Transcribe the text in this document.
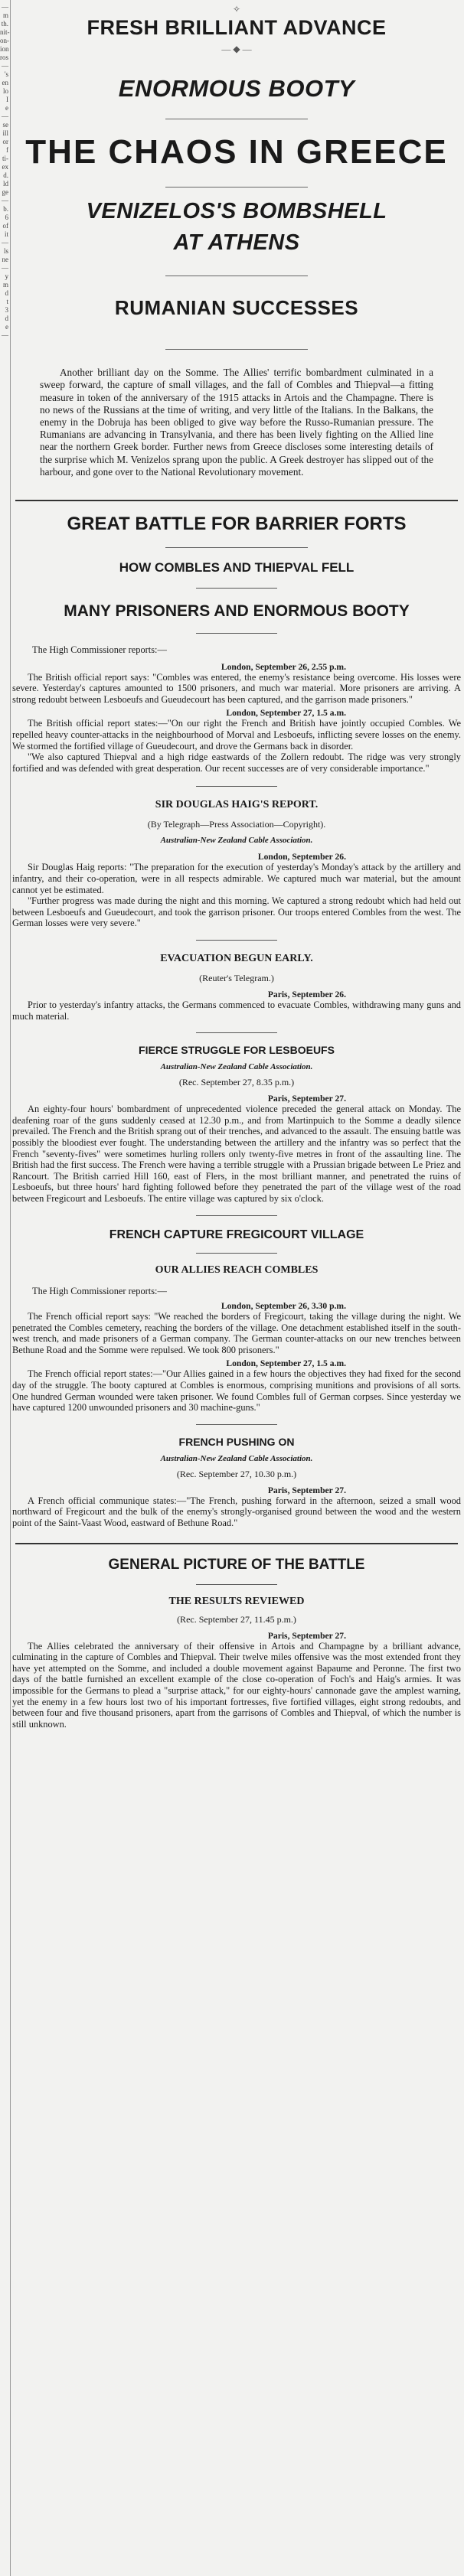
—
m
th.
nit-
on-
ion
ros
—
's
en
lo
I
e
—
se
ill
or
f
ti-
ex
d.
ld
ge
—
b.
6
of
it
—
ls
ne
—
y
m
d
t
3
d
e
—

✧

FRESH BRILLIANT ADVANCE

— ◆ —

ENORMOUS BOOTY
THE CHAOS IN GREECE
VENIZELOS'S BOMBSHELL
AT ATHENS
RUMANIAN SUCCESSES

Another brilliant day on the Somme. The Allies' terrific bombardment culminated in a sweep forward, the capture of small villages, and the fall of Combles and Thiepval—a fitting measure in token of the anniversary of the 1915 attacks in Artois and the Champagne. There is no news of the Russians at the time of writing, and very little of the Italians. In the Balkans, the enemy in the Dobruja has been obliged to give way before the Russo-Rumanian pressure. The Rumanians are advancing in Transylvania, and there has been lively fighting on the Allied line near the northern Greek border. Further news from Greece discloses some interesting details of the surprise which M. Venizelos sprang upon the public. A Greek destroyer has slipped out of the harbour, and gone over to the National Revolutionary movement.

GREAT BATTLE FOR BARRIER FORTS
HOW COMBLES AND THIEPVAL FELL
MANY PRISONERS AND ENORMOUS BOOTY

The High Commissioner reports:—

London, September 26, 2.55 p.m.

The British official report says: "Combles was entered, the enemy's resistance being overcome. His losses were severe. Yesterday's captures amounted to 1500 prisoners, and much war material. More prisoners are arriving. A strong redoubt between Lesboeufs and Gueudecourt has been captured, and the garrison made prisoners."

London, September 27, 1.5 a.m.

The British official report states:—"On our right the French and British have jointly occupied Combles. We repelled heavy counter-attacks in the neighbourhood of Morval and Lesboeufs, inflicting severe losses on the enemy. We stormed the fortified village of Gueudecourt, and drove the Germans back in disorder.

"We also captured Thiepval and a high ridge eastwards of the Zollern redoubt. The ridge was very strongly fortified and was defended with great desperation. Our recent successes are of very considerable importance."

SIR DOUGLAS HAIG'S REPORT.

(By Telegraph—Press Association—Copyright).

Australian-New Zealand Cable Association.

London, September 26.

Sir Douglas Haig reports: "The preparation for the execution of yesterday's Monday's attack by the artillery and infantry, and their co-operation, were in all respects admirable. We captured much war material, but the amount cannot yet be estimated.

"Further progress was made during the night and this morning. We captured a strong redoubt which had held out between Lesboeufs and Gueudecourt, and took the garrison prisoner. Our troops entered Combles from the west. The German losses were very severe."

EVACUATION BEGUN EARLY.

(Reuter's Telegram.)

Paris, September 26.

Prior to yesterday's infantry attacks, the Germans commenced to evacuate Combles, withdrawing many guns and much material.

FIERCE STRUGGLE FOR LESBOEUFS

Australian-New Zealand Cable Association.

(Rec. September 27, 8.35 p.m.)

Paris, September 27.

An eighty-four hours' bombardment of unprecedented violence preceded the general attack on Monday. The deafening roar of the guns suddenly ceased at 12.30 p.m., and from Martinpuich to the Somme a deadly silence prevailed. The French and the British sprang out of their trenches, and advanced to the assault. The ensuing battle was possibly the bloodiest ever fought. The understanding between the artillery and the infantry was so perfect that the French "seventy-fives" were sometimes hurling rollers only twenty-five metres in front of the assaulting line. The British had the first success. The French were having a terrible struggle with a Prussian brigade between Le Priez and Rancourt. The British carried Hill 160, east of Flers, in the most brilliant manner, and penetrated the ruins of Lesboeufs, but three hours' hard fighting followed before they penetrated the part of the village west of the road between Fregicourt and Lesboeufs. The entire village was captured by six o'clock.

FRENCH CAPTURE FREGICOURT VILLAGE
OUR ALLIES REACH COMBLES

The High Commissioner reports:—

London, September 26, 3.30 p.m.

The French official report says: "We reached the borders of Fregicourt, taking the village during the night. We penetrated the Combles cemetery, reaching the borders of the village. One detachment established itself in the south-west trench, and made prisoners of a German company. The German counter-attacks on our new trenches between Bethune Road and the Somme were repulsed. We took 800 prisoners."

London, September 27, 1.5 a.m.

The French official report states:—"Our Allies gained in a few hours the objectives they had fixed for the second day of the struggle. The booty captured at Combles is enormous, comprising munitions and provisions of all sorts. One hundred German wounded were taken prisoner. We found Combles full of German corpses. Since yesterday we have captured 1200 unwounded prisoners and 30 machine-guns."

FRENCH PUSHING ON

Australian-New Zealand Cable Association.

(Rec. September 27, 10.30 p.m.)

Paris, September 27.

A French official communique states:—"The French, pushing forward in the afternoon, seized a small wood northward of Fregicourt and the bulk of the enemy's strongly-organised ground between the wood and the western point of the Saint-Vaast Wood, eastward of Bethune Road."

GENERAL PICTURE OF THE BATTLE
THE RESULTS REVIEWED

(Rec. September 27, 11.45 p.m.)

Paris, September 27.

The Allies celebrated the anniversary of their offensive in Artois and Champagne by a brilliant advance, culminating in the capture of Combles and Thiepval. Their twelve miles offensive was the most extended front they have yet attempted on the Somme, and included a double movement against Bapaume and Peronne. The first two days of the battle furnished an excellent example of the close co-operation of Foch's and Haig's armies. It was impossible for the Germans to plead a "surprise attack," for our eighty-hours' cannonade gave the amplest warning, yet the enemy in a few hours lost two of his important fortresses, five fortified villages, eight strong redoubts, and between four and five thousand prisoners, apart from the garrisons of Combles and Thiepval, of which the number is still unknown.
